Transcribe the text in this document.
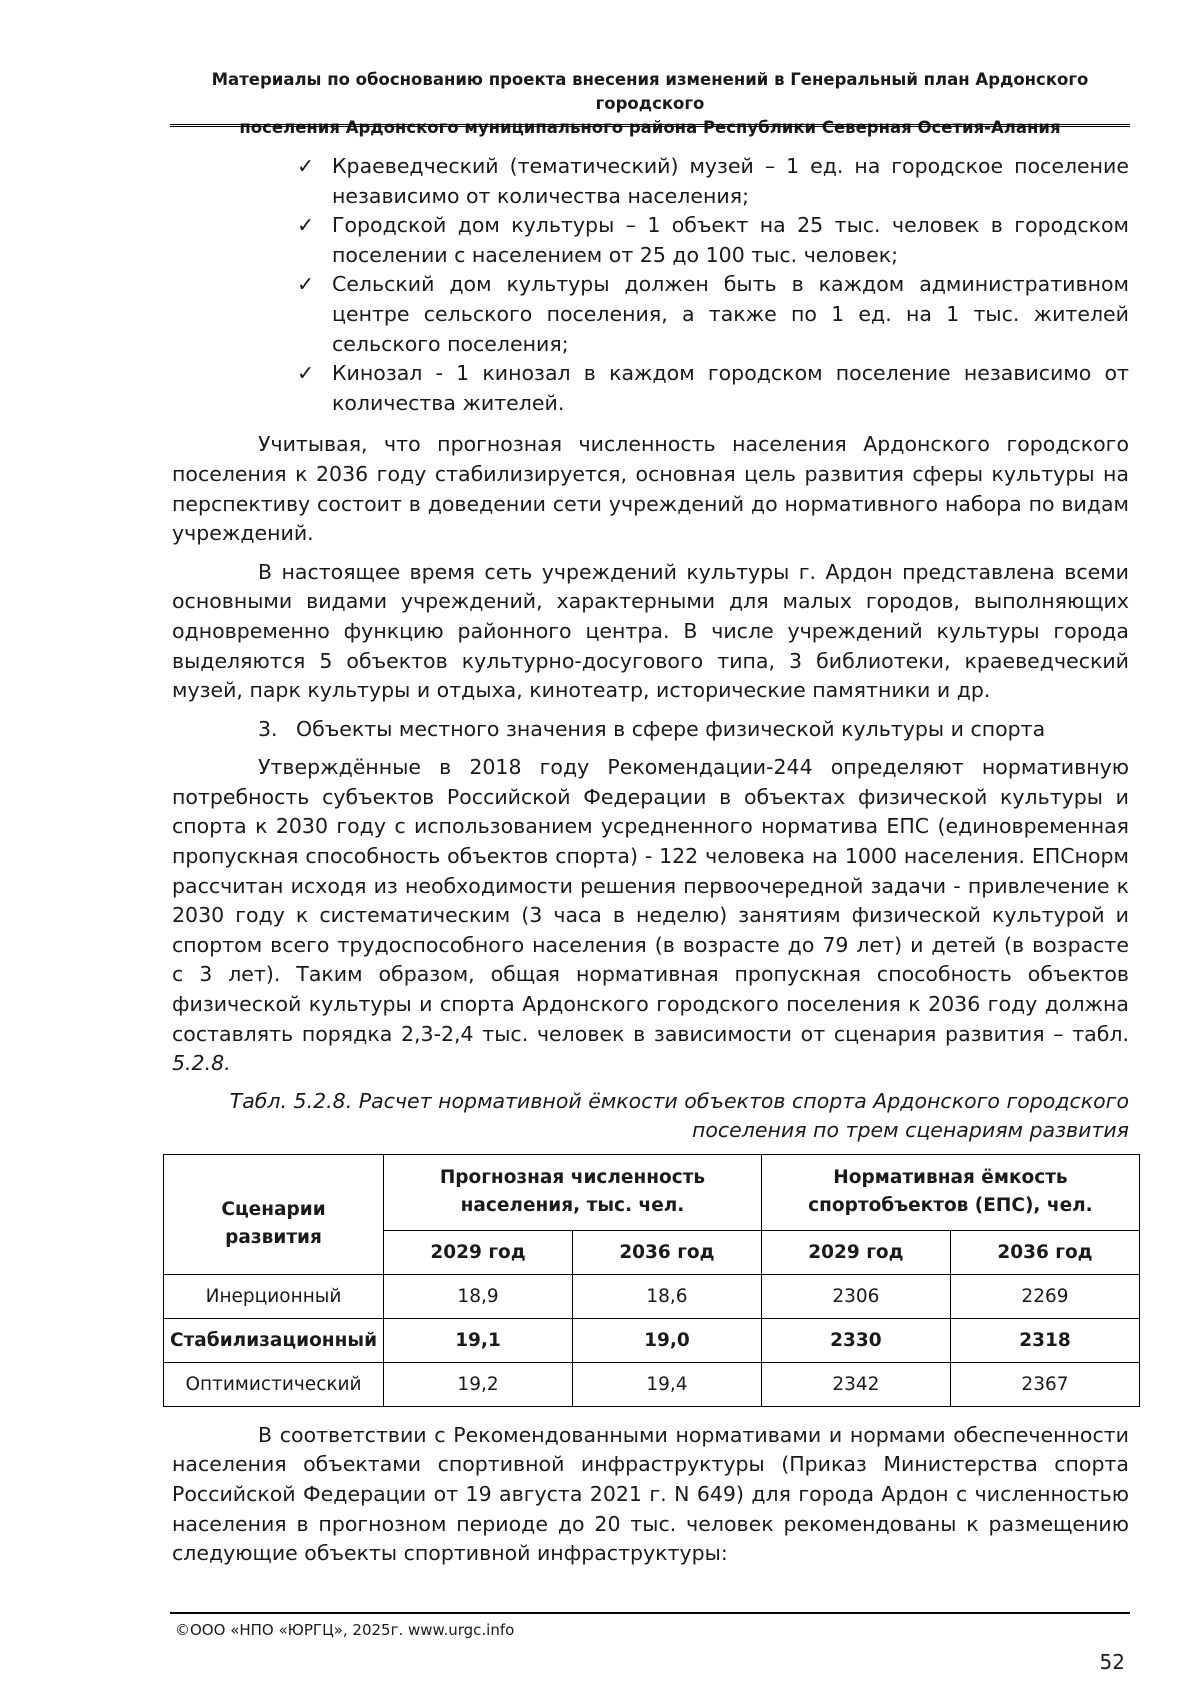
Материалы по обоснованию проекта внесения изменений в Генеральный план Ардонского городского
поселения Ардонского муниципального района Республики Северная Осетия-Алания
✓ Краеведческий (тематический) музей – 1 ед. на городское поселение независимо от количества населения;
✓ Городской дом культуры – 1 объект на 25 тыс. человек в городском поселении с населением от 25 до 100 тыс. человек;
✓ Сельский дом культуры должен быть в каждом административном центре сельского поселения, а также по 1 ед. на 1 тыс. жителей сельского поселения;
✓ Кинозал - 1 кинозал в каждом городском поселение независимо от количества жителей.

Учитывая, что прогнозная численность населения Ардонского городского поселения к 2036 году стабилизируется, основная цель развития сферы культуры на перспективу состоит в доведении сети учреждений до нормативного набора по видам учреждений.

В настоящее время сеть учреждений культуры г. Ардон представлена всеми основными видами учреждений, характерными для малых городов, выполняющих одновременно функцию районного центра. В числе учреждений культуры города выделяются 5 объектов культурно-досугового типа, 3 библиотеки, краеведческий музей, парк культуры и отдыха, кинотеатр, исторические памятники и др.

3. Объекты местного значения в сфере физической культуры и спорта

Утверждённые в 2018 году Рекомендации-244 определяют нормативную потребность субъектов Российской Федерации в объектах физической культуры и спорта к 2030 году с использованием усредненного норматива ЕПС (единовременная пропускная способность объектов спорта) - 122 человека на 1000 населения. ЕПСнорм рассчитан исходя из необходимости решения первоочередной задачи - привлечение к 2030 году к систематическим (3 часа в неделю) занятиям физической культурой и спортом всего трудоспособного населения (в возрасте до 79 лет) и детей (в возрасте с 3 лет). Таким образом, общая нормативная пропускная способность объектов физической культуры и спорта Ардонского городского поселения к 2036 году должна составлять порядка 2,3-2,4 тыс. человек в зависимости от сценария развития – табл. 5.2.8.

Табл. 5.2.8. Расчет нормативной ёмкости объектов спорта Ардонского городского поселения по трем сценариям развития
Сценарии развития	Прогнозная численность населения, тыс. чел.		Нормативная ёмкость спортобъектов (ЕПС), чел.	
	2029 год	2036 год	2029 год	2036 год
Инерционный	18,9	18,6	2306	2269
Стабилизационный	19,1	19,0	2330	2318
Оптимистический	19,2	19,4	2342	2367

В соответствии с Рекомендованными нормативами и нормами обеспеченности населения объектами спортивной инфраструктуры (Приказ Министерства спорта Российской Федерации от 19 августа 2021 г. N 649) для города Ардон с численностью населения в прогнозном периоде до 20 тыс. человек рекомендованы к размещению следующие объекты спортивной инфраструктуры:

©ООО «НПО «ЮРГЦ», 2025г. www.urgc.info
52
